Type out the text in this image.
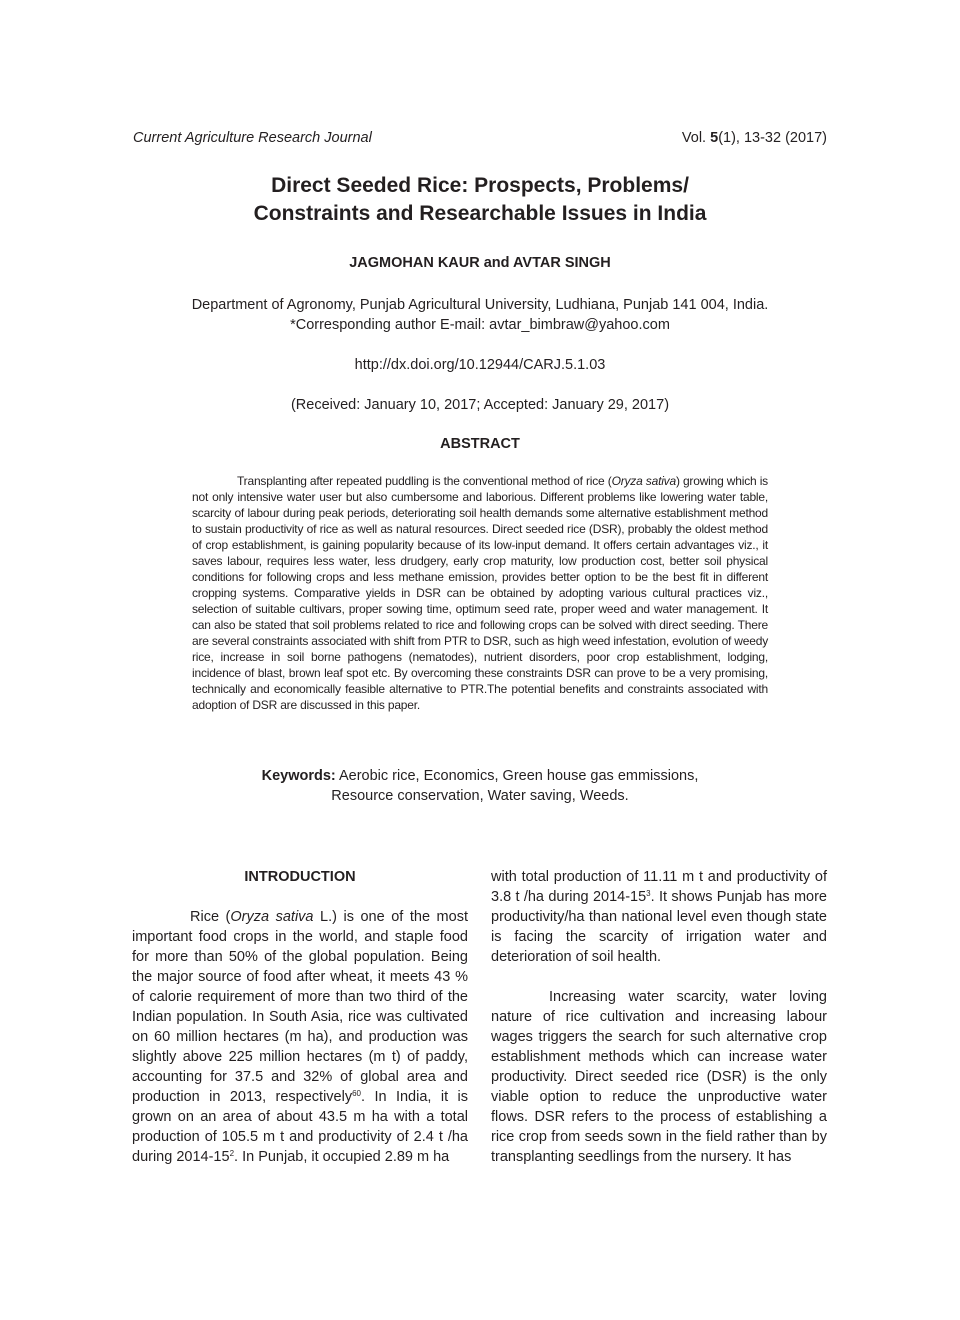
Current Agriculture Research Journal	Vol. 5(1), 13-32 (2017)
Direct Seeded Rice: Prospects, Problems/
Constraints and Researchable Issues in India
JAGMOHAN KAUR and AVTAR SINGH
Department of Agronomy, Punjab Agricultural University, Ludhiana, Punjab 141 004, India.
*Corresponding author E-mail: avtar_bimbraw@yahoo.com
http://dx.doi.org/10.12944/CARJ.5.1.03
(Received: January 10, 2017; Accepted: January 29, 2017)
ABSTRACT
Transplanting after repeated puddling is the conventional method of rice (Oryza sativa) growing which is not only intensive water user but also cumbersome and laborious. Different problems like lowering water table, scarcity of labour during peak periods, deteriorating soil health demands some alternative establishment method to sustain productivity of rice as well as natural resources. Direct seeded rice (DSR), probably the oldest method of crop establishment, is gaining popularity because of its low-input demand. It offers certain advantages viz., it saves labour, requires less water, less drudgery, early crop maturity, low production cost, better soil physical conditions for following crops and less methane emission, provides better option to be the best fit in different cropping systems. Comparative yields in DSR can be obtained by adopting various cultural practices viz., selection of suitable cultivars, proper sowing time, optimum seed rate, proper weed and water management. It can also be stated that soil problems related to rice and following crops can be solved with direct seeding. There are several constraints associated with shift from PTR to DSR, such as high weed infestation, evolution of weedy rice, increase in soil borne pathogens (nematodes), nutrient disorders, poor crop establishment, lodging, incidence of blast, brown leaf spot etc. By overcoming these constraints DSR can prove to be a very promising, technically and economically feasible alternative to PTR.The potential benefits and constraints associated with adoption of DSR are discussed in this paper.
Keywords: Aerobic rice, Economics, Green house gas emmissions,
Resource conservation, Water saving, Weeds.
INTRODUCTION

Rice (Oryza sativa L.) is one of the most important food crops in the world, and staple food for more than 50% of the global population. Being the major source of food after wheat, it meets 43 % of calorie requirement of more than two third of the Indian population. In South Asia, rice was cultivated on 60 million hectares (m ha), and production was slightly above 225 million hectares (m t) of paddy, accounting for 37.5 and 32% of global area and production in 2013, respectively$^{60}$. In India, it is grown on an area of about 43.5 m ha with a total production of 105.5 m t and productivity of 2.4 t /ha during $2014-15^2$. In Punjab, it occupied 2.89 m ha

with total production of 11.11 m t and productivity of 3.8 t /ha during $2014-15^3$. It shows Punjab has more productivity/ha than national level even though state is facing the scarcity of irrigation water and deterioration of soil health.

Increasing water scarcity, water loving nature of rice cultivation and increasing labour wages triggers the search for such alternative crop establishment methods which can increase water productivity. Direct seeded rice (DSR) is the only viable option to reduce the unproductive water flows. DSR refers to the process of establishing a rice crop from seeds sown in the field rather than by transplanting seedlings from the nursery. It has
